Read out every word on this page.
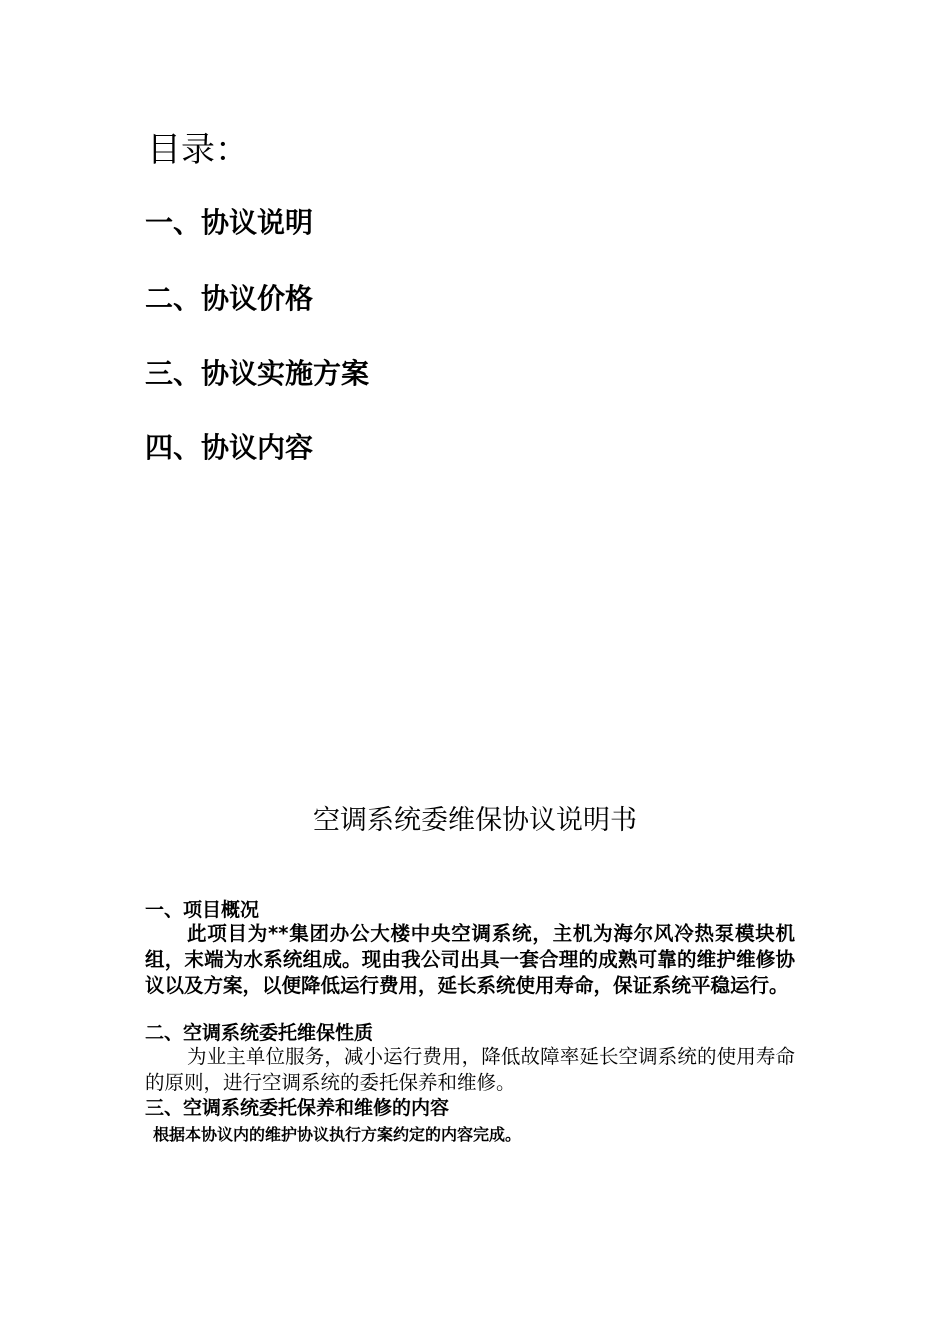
目录：
一、协议说明
二、协议价格
三、协议实施方案
四、协议内容
空调系统委维保协议说明书
一、项目概况

此项目为**集团办公大楼中央空调系统，主机为海尔风冷热泵模块机组，末端为水系统组成。现由我公司出具一套合理的成熟可靠的维护维修协议以及方案，以便降低运行费用，延长系统使用寿命，保证系统平稳运行。

二、空调系统委托维保性质

为业主单位服务，减小运行费用，降低故障率延长空调系统的使用寿命的原则，进行空调系统的委托保养和维修。

三、空调系统委托保养和维修的内容

根据本协议内的维护协议执行方案约定的内容完成。
